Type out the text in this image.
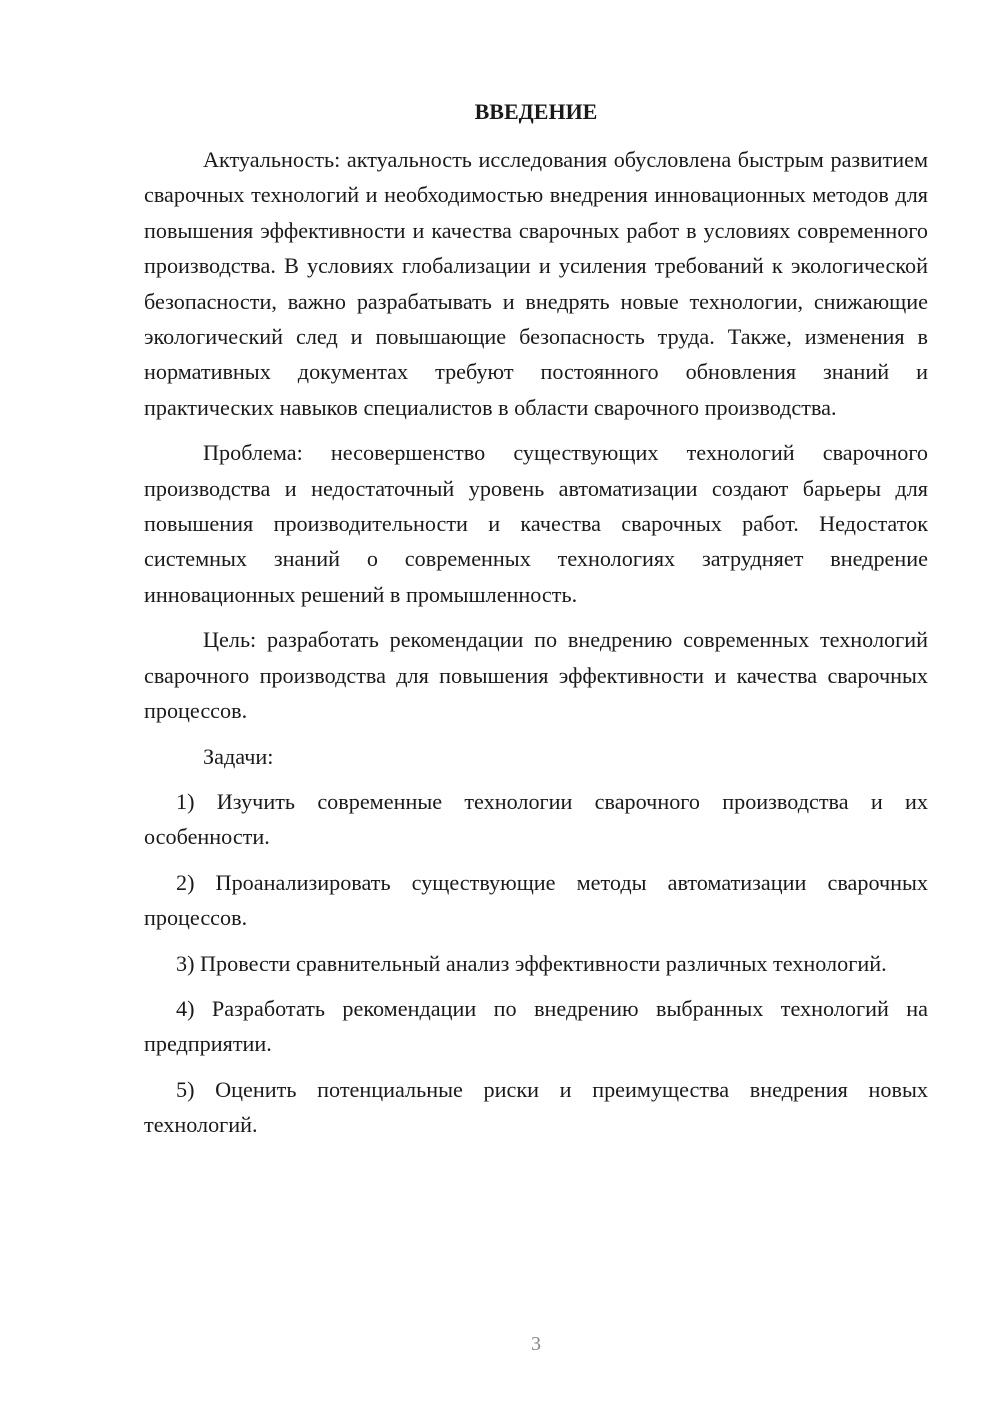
ВВЕДЕНИЕ

Актуальность: актуальность исследования обусловлена быстрым развитием сварочных технологий и необходимостью внедрения инновационных методов для повышения эффективности и качества сварочных работ в условиях современного производства. В условиях глобализации и усиления требований к экологической безопасности, важно разрабатывать и внедрять новые технологии, снижающие экологический след и повышающие безопасность труда. Также, изменения в нормативных документах требуют постоянного обновления знаний и практических навыков специалистов в области сварочного производства.

Проблема: несовершенство существующих технологий сварочного производства и недостаточный уровень автоматизации создают барьеры для повышения производительности и качества сварочных работ. Недостаток системных знаний о современных технологиях затрудняет внедрение инновационных решений в промышленность.

Цель: разработать рекомендации по внедрению современных технологий сварочного производства для повышения эффективности и качества сварочных процессов.

Задачи:

1) Изучить современные технологии сварочного производства и их особенности.

2) Проанализировать существующие методы автоматизации сварочных процессов.

3) Провести сравнительный анализ эффективности различных технологий.

4) Разработать рекомендации по внедрению выбранных технологий на предприятии.

5) Оценить потенциальные риски и преимущества внедрения новых технологий.

3
